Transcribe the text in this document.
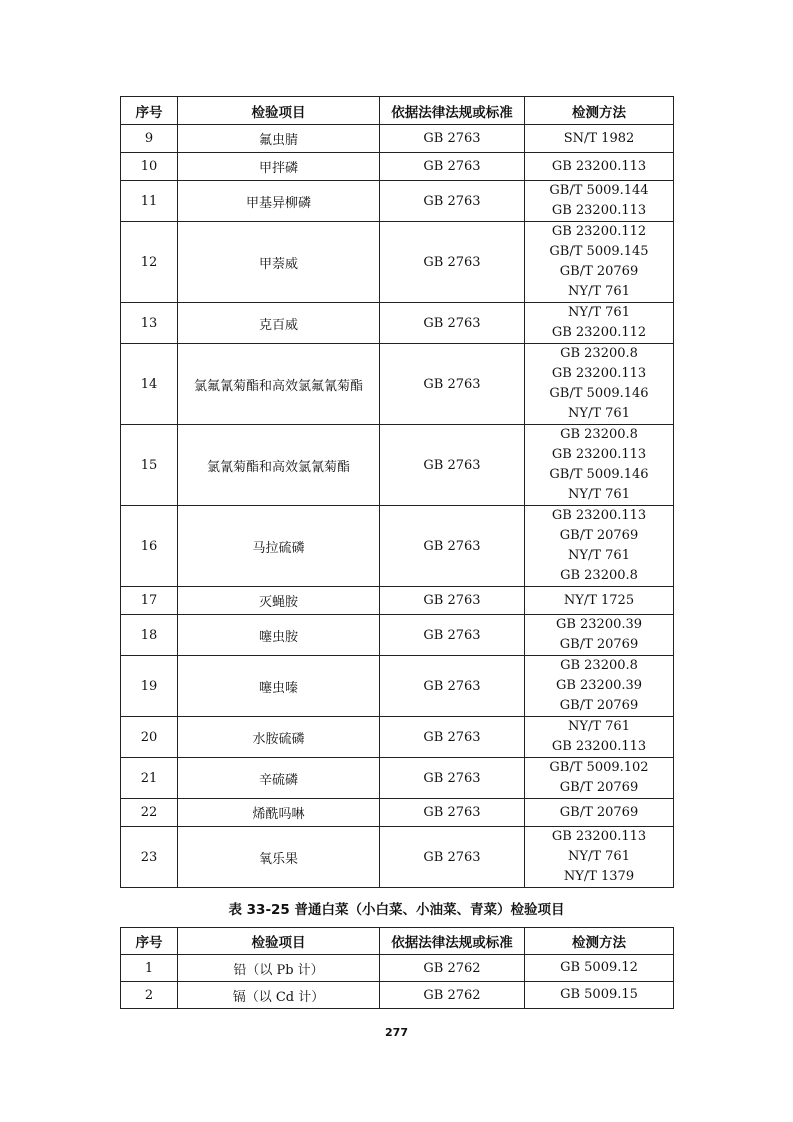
序号	检验项目	依据法律法规或标准	检测方法
9	氟虫腈	GB 2763	SN/T 1982

10	甲拌磷	GB 2763	GB 23200.113

11	甲基异柳磷	GB 2763	GB/T 5009.144
GB 23200.113

12	甲萘威	GB 2763	GB 23200.112
GB/T 5009.145
GB/T 20769
NY/T 761

13	克百威	GB 2763	NY/T 761
GB 23200.112

14	氯氟氰菊酯和高效氯氟氰菊酯	GB 2763	GB 23200.8
GB 23200.113
GB/T 5009.146
NY/T 761

15	氯氰菊酯和高效氯氰菊酯	GB 2763	GB 23200.8
GB 23200.113
GB/T 5009.146
NY/T 761

16	马拉硫磷	GB 2763	GB 23200.113
GB/T 20769
NY/T 761
GB 23200.8

17	灭蝇胺	GB 2763	NY/T 1725

18	噻虫胺	GB 2763	GB 23200.39
GB/T 20769

19	噻虫嗪	GB 2763	GB 23200.8
GB 23200.39
GB/T 20769

20	水胺硫磷	GB 2763	NY/T 761
GB 23200.113

21	辛硫磷	GB 2763	GB/T 5009.102
GB/T 20769

22	烯酰吗啉	GB 2763	GB/T 20769

23	氧乐果	GB 2763	GB 23200.113
NY/T 761
NY/T 1379
表 33-25 普通白菜（小白菜、小油菜、青菜）检验项目
序号	检验项目	依据法律法规或标准	检测方法
1	铅（以 Pb 计）	GB 2762	GB 5009.12

2	镉（以 Cd 计）	GB 2762	GB 5009.15
277
